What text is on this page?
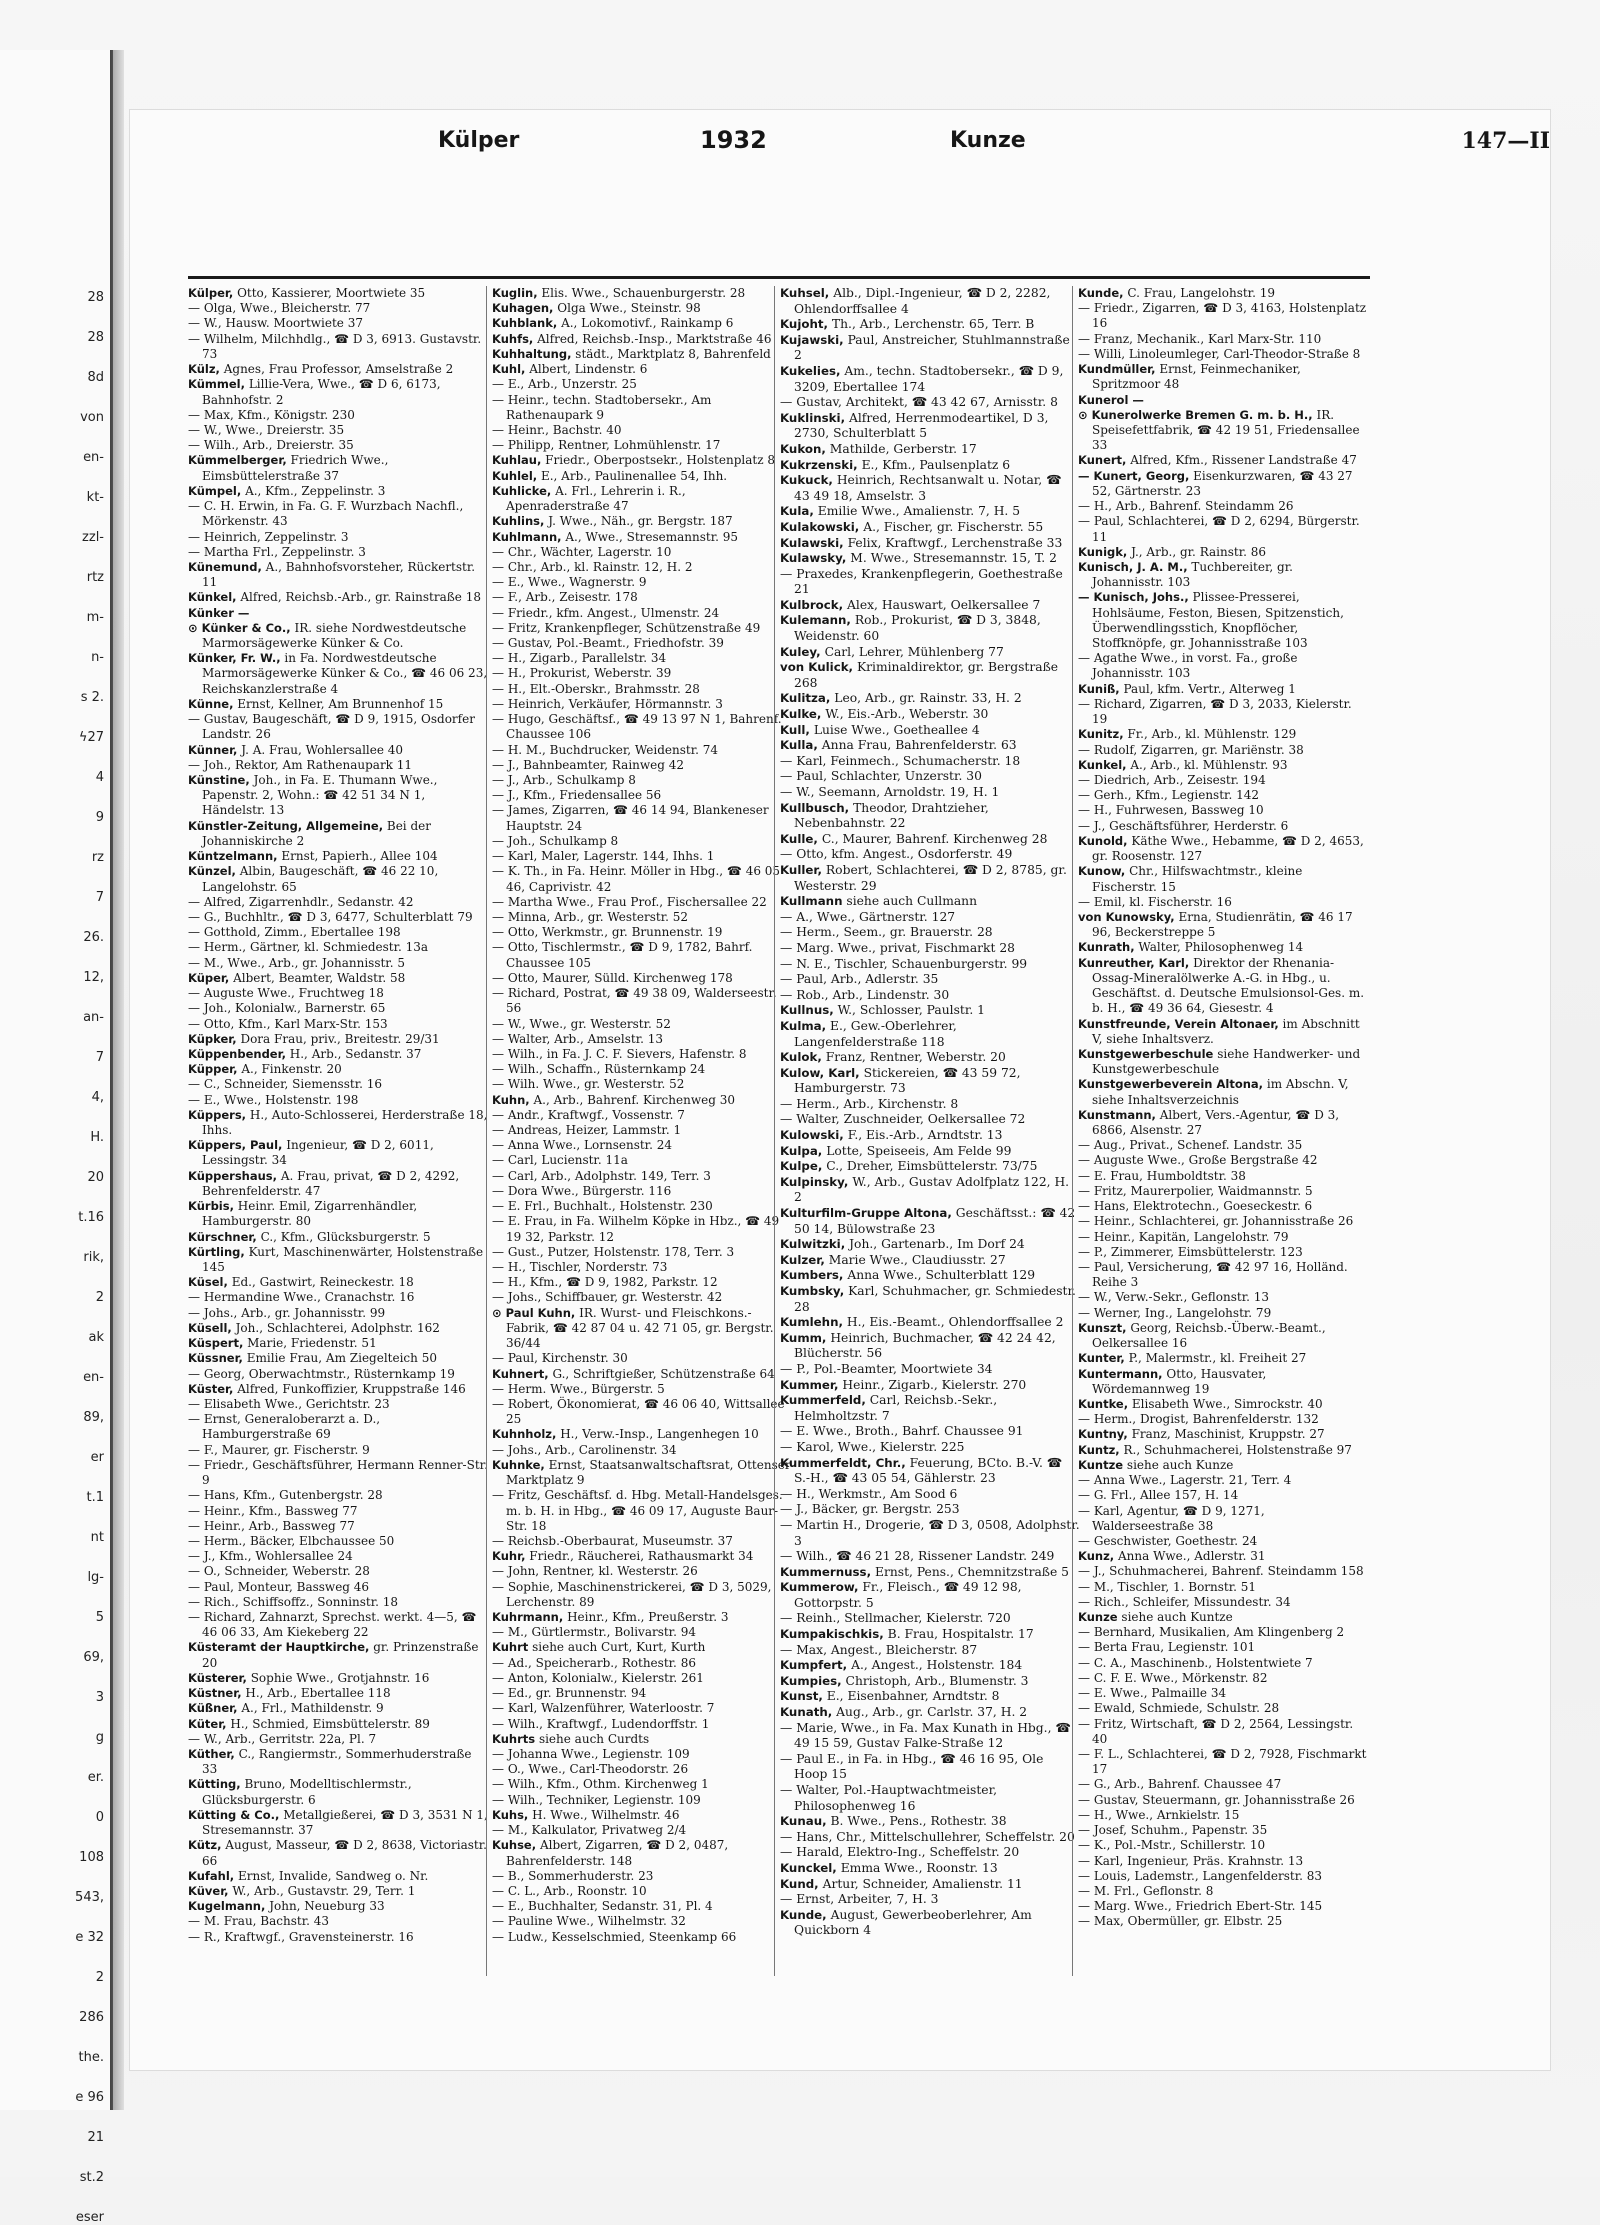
28
28
8d
von
en-
kt-
zzl-
rtz
m-
n-
s 2.
ϟ27
4
9
rz
7
26.
12,
an-
7
4,
H.
20
t.16
rik,
2
ak
en-
89,
er
t.1
nt
lg-
5
69,
3
g
er.
0
108
543,
e 32
2
286
the.
e 96
21
st.2
eser
Külper	1932	Kunze	147—II

Külper, Otto, Kassierer, Moortwiete 35

— Olga, Wwe., Bleicherstr. 77

— W., Hausw. Moortwiete 37

— Wilhelm, Milchhdlg., ☎ D 3, 6913. Gustavstr. 73

Külz, Agnes, Frau Professor, Amselstraße 2

Kümmel, Lillie-Vera, Wwe., ☎ D 6, 6173, Bahnhofstr. 2

— Max, Kfm., Königstr. 230

— W., Wwe., Dreierstr. 35

— Wilh., Arb., Dreierstr. 35

Kümmelberger, Friedrich Wwe., Eimsbüttelerstraße 37

Kümpel, A., Kfm., Zeppelinstr. 3

— C. H. Erwin, in Fa. G. F. Wurzbach Nachfl., Mörkenstr. 43

— Heinrich, Zeppelinstr. 3

— Martha Frl., Zeppelinstr. 3

Künemund, A., Bahnhofsvorsteher, Rückertstr. 11

Künkel, Alfred, Reichsb.-Arb., gr. Rainstraße 18

Künker —

⊙ Künker & Co., IR. siehe Nordwestdeutsche Marmorsägewerke Künker & Co.

Künker, Fr. W., in Fa. Nordwestdeutsche Marmorsägewerke Künker & Co., ☎ 46 06 23, Reichskanzlerstraße 4

Künne, Ernst, Kellner, Am Brunnenhof 15

— Gustav, Baugeschäft, ☎ D 9, 1915, Osdorfer Landstr. 26

Künner, J. A. Frau, Wohlersallee 40

— Joh., Rektor, Am Rathenaupark 11

Künstine, Joh., in Fa. E. Thumann Wwe., Papenstr. 2, Wohn.: ☎ 42 51 34 N 1, Händelstr. 13

Künstler-Zeitung, Allgemeine, Bei der Johanniskirche 2

Küntzelmann, Ernst, Papierh., Allee 104

Künzel, Albin, Baugeschäft, ☎ 46 22 10, Langelohstr. 65

— Alfred, Zigarrenhdlr., Sedanstr. 42

— G., Buchhltr., ☎ D 3, 6477, Schulterblatt 79

— Gotthold, Zimm., Ebertallee 198

— Herm., Gärtner, kl. Schmiedestr. 13a

— M., Wwe., Arb., gr. Johannisstr. 5

Küper, Albert, Beamter, Waldstr. 58

— Auguste Wwe., Fruchtweg 18

— Joh., Kolonialw., Barnerstr. 65

— Otto, Kfm., Karl Marx-Str. 153

Küpker, Dora Frau, priv., Breitestr. 29/31

Küppenbender, H., Arb., Sedanstr. 37

Küpper, A., Finkenstr. 20

— C., Schneider, Siemensstr. 16

— E., Wwe., Holstenstr. 198

Küppers, H., Auto-Schlosserei, Herderstraße 18, Ihhs.

Küppers, Paul, Ingenieur, ☎ D 2, 6011, Lessingstr. 34

Küppershaus, A. Frau, privat, ☎ D 2, 4292, Behrenfelderstr. 47

Kürbis, Heinr. Emil, Zigarrenhändler, Hamburgerstr. 80

Kürschner, C., Kfm., Glücksburgerstr. 5

Kürtling, Kurt, Maschinenwärter, Holstenstraße 145

Küsel, Ed., Gastwirt, Reineckestr. 18

— Hermandine Wwe., Cranachstr. 16

— Johs., Arb., gr. Johannisstr. 99

Küsell, Joh., Schlachterei, Adolphstr. 162

Küspert, Marie, Friedenstr. 51

Küssner, Emilie Frau, Am Ziegelteich 50

— Georg, Oberwachtmstr., Rüsternkamp 19

Küster, Alfred, Funkoffizier, Kruppstraße 146

— Elisabeth Wwe., Gerichtstr. 23

— Ernst, Generaloberarzt a. D., Hamburgerstraße 69

— F., Maurer, gr. Fischerstr. 9

— Friedr., Geschäftsführer, Hermann Renner-Str. 9

— Hans, Kfm., Gutenbergstr. 28

— Heinr., Kfm., Bassweg 77

— Heinr., Arb., Bassweg 77

— Herm., Bäcker, Elbchaussee 50

— J., Kfm., Wohlersallee 24

— O., Schneider, Weberstr. 28

— Paul, Monteur, Bassweg 46

— Rich., Schiffsoffz., Sonninstr. 18

— Richard, Zahnarzt, Sprechst. werkt. 4—5, ☎ 46 06 33, Am Kiekeberg 22

Küsteramt der Hauptkirche, gr. Prinzenstraße 20

Küsterer, Sophie Wwe., Grotjahnstr. 16

Küstner, H., Arb., Ebertallee 118

Küßner, A., Frl., Mathildenstr. 9

Küter, H., Schmied, Eimsbüttelerstr. 89

— W., Arb., Gerritstr. 22a, Pl. 7

Küther, C., Rangiermstr., Sommerhuderstraße 33

Kütting, Bruno, Modelltischlermstr., Glücksburgerstr. 6

Kütting & Co., Metallgießerei, ☎ D 3, 3531 N 1, Stresemannstr. 37

Kütz, August, Masseur, ☎ D 2, 8638, Victoriastr. 66

Kufahl, Ernst, Invalide, Sandweg o. Nr.

Küver, W., Arb., Gustavstr. 29, Terr. 1

Kugelmann, John, Neueburg 33

— M. Frau, Bachstr. 43

— R., Kraftwgf., Gravensteinerstr. 16

Kuglin, Elis. Wwe., Schauenburgerstr. 28

Kuhagen, Olga Wwe., Steinstr. 98

Kuhblank, A., Lokomotivf., Rainkamp 6

Kuhfs, Alfred, Reichsb.-Insp., Marktstraße 46

Kuhhaltung, städt., Marktplatz 8, Bahrenfeld

Kuhl, Albert, Lindenstr. 6

— E., Arb., Unzerstr. 25

— Heinr., techn. Stadtobersekr., Am Rathenaupark 9

— Heinr., Bachstr. 40

— Philipp, Rentner, Lohmühlenstr. 17

Kuhlau, Friedr., Oberpostsekr., Holstenplatz 8

Kuhlel, E., Arb., Paulinenallee 54, Ihh.

Kuhlicke, A. Frl., Lehrerin i. R., Apenraderstraße 47

Kuhlins, J. Wwe., Näh., gr. Bergstr. 187

Kuhlmann, A., Wwe., Stresemannstr. 95

— Chr., Wächter, Lagerstr. 10

— Chr., Arb., kl. Rainstr. 12, H. 2

— E., Wwe., Wagnerstr. 9

— F., Arb., Zeisestr. 178

— Friedr., kfm. Angest., Ulmenstr. 24

— Fritz, Krankenpfleger, Schützenstraße 49

— Gustav, Pol.-Beamt., Friedhofstr. 39

— H., Zigarb., Parallelstr. 34

— H., Prokurist, Weberstr. 39

— H., Elt.-Oberskr., Brahmsstr. 28

— Heinrich, Verkäufer, Hörmannstr. 3

— Hugo, Geschäftsf., ☎ 49 13 97 N 1, Bahrenf. Chaussee 106

— H. M., Buchdrucker, Weidenstr. 74

— J., Bahnbeamter, Rainweg 42

— J., Arb., Schulkamp 8

— J., Kfm., Friedensallee 56

— James, Zigarren, ☎ 46 14 94, Blankeneser Hauptstr. 24

— Joh., Schulkamp 8

— Karl, Maler, Lagerstr. 144, Ihhs. 1

— K. Th., in Fa. Heinr. Möller in Hbg., ☎ 46 05 46, Caprivistr. 42

— Martha Wwe., Frau Prof., Fischersallee 22

— Minna, Arb., gr. Westerstr. 52

— Otto, Werkmstr., gr. Brunnenstr. 19

— Otto, Tischlermstr., ☎ D 9, 1782, Bahrf. Chaussee 105

— Otto, Maurer, Sülld. Kirchenweg 178

— Richard, Postrat, ☎ 49 38 09, Walderseestr. 56

— W., Wwe., gr. Westerstr. 52

— Walter, Arb., Amselstr. 13

— Wilh., in Fa. J. C. F. Sievers, Hafenstr. 8

— Wilh., Schaffn., Rüsternkamp 24

— Wilh. Wwe., gr. Westerstr. 52

Kuhn, A., Arb., Bahrenf. Kirchenweg 30

— Andr., Kraftwgf., Vossenstr. 7

— Andreas, Heizer, Lammstr. 1

— Anna Wwe., Lornsenstr. 24

— Carl, Lucienstr. 11a

— Carl, Arb., Adolphstr. 149, Terr. 3

— Dora Wwe., Bürgerstr. 116

— E. Frl., Buchhalt., Holstenstr. 230

— E. Frau, in Fa. Wilhelm Köpke in Hbz., ☎ 49 19 32, Parkstr. 12

— Gust., Putzer, Holstenstr. 178, Terr. 3

— H., Tischler, Norderstr. 73

— H., Kfm., ☎ D 9, 1982, Parkstr. 12

— Johs., Schiffbauer, gr. Westerstr. 42

⊙ Paul Kuhn, IR. Wurst- und Fleischkons.-Fabrik, ☎ 42 87 04 u. 42 71 05, gr. Bergstr. 36/44

— Paul, Kirchenstr. 30

Kuhnert, G., Schriftgießer, Schützenstraße 64

— Herm. Wwe., Bürgerstr. 5

— Robert, Ökonomierat, ☎ 46 06 40, Wittsallee 25

Kuhnholz, H., Verw.-Insp., Langenhegen 10

— Johs., Arb., Carolinenstr. 34

Kuhnke, Ernst, Staatsanwaltschaftsrat, Ottenser Marktplatz 9

— Fritz, Geschäftsf. d. Hbg. Metall-Handelsges. m. b. H. in Hbg., ☎ 46 09 17, Auguste Baur-Str. 18

— Reichsb.-Oberbaurat, Museumstr. 37

Kuhr, Friedr., Räucherei, Rathausmarkt 34

— John, Rentner, kl. Westerstr. 26

— Sophie, Maschinenstrickerei, ☎ D 3, 5029, Lerchenstr. 89

Kuhrmann, Heinr., Kfm., Preußerstr. 3

— M., Gürtlermstr., Bolivarstr. 94

Kuhrt siehe auch Curt, Kurt, Kurth

— Ad., Speicherarb., Rothestr. 86

— Anton, Kolonialw., Kielerstr. 261

— Ed., gr. Brunnenstr. 94

— Karl, Walzenführer, Waterloostr. 7

— Wilh., Kraftwgf., Ludendorffstr. 1

Kuhrts siehe auch Curdts

— Johanna Wwe., Legienstr. 109

— O., Wwe., Carl-Theodorstr. 26

— Wilh., Kfm., Othm. Kirchenweg 1

— Wilh., Techniker, Legienstr. 109

Kuhs, H. Wwe., Wilhelmstr. 46

— M., Kalkulator, Privatweg 2/4

Kuhse, Albert, Zigarren, ☎ D 2, 0487, Bahrenfelderstr. 148

— B., Sommerhuderstr. 23

— C. L., Arb., Roonstr. 10

— E., Buchhalter, Sedanstr. 31, Pl. 4

— Pauline Wwe., Wilhelmstr. 32

— Ludw., Kesselschmied, Steenkamp 66

Kuhsel, Alb., Dipl.-Ingenieur, ☎ D 2, 2282, Ohlendorffsallee 4

Kujoht, Th., Arb., Lerchenstr. 65, Terr. B

Kujawski, Paul, Anstreicher, Stuhlmannstraße 2

Kukelies, Am., techn. Stadtobersekr., ☎ D 9, 3209, Ebertallee 174

— Gustav, Architekt, ☎ 43 42 67, Arnisstr. 8

Kuklinski, Alfred, Herrenmodeartikel, D 3, 2730, Schulterblatt 5

Kukon, Mathilde, Gerberstr. 17

Kukrzenski, E., Kfm., Paulsenplatz 6

Kukuck, Heinrich, Rechtsanwalt u. Notar, ☎ 43 49 18, Amselstr. 3

Kula, Emilie Wwe., Amalienstr. 7, H. 5

Kulakowski, A., Fischer, gr. Fischerstr. 55

Kulawski, Felix, Kraftwgf., Lerchenstraße 33

Kulawsky, M. Wwe., Stresemannstr. 15, T. 2

— Praxedes, Krankenpflegerin, Goethestraße 21

Kulbrock, Alex, Hauswart, Oelkersallee 7

Kulemann, Rob., Prokurist, ☎ D 3, 3848, Weidenstr. 60

Kuley, Carl, Lehrer, Mühlenberg 77

von Kulick, Kriminaldirektor, gr. Bergstraße 268

Kulitza, Leo, Arb., gr. Rainstr. 33, H. 2

Kulke, W., Eis.-Arb., Weberstr. 30

Kull, Luise Wwe., Goetheallee 4

Kulla, Anna Frau, Bahrenfelderstr. 63

— Karl, Feinmech., Schumacherstr. 18

— Paul, Schlachter, Unzerstr. 30

— W., Seemann, Arnoldstr. 19, H. 1

Kullbusch, Theodor, Drahtzieher, Nebenbahnstr. 22

Kulle, C., Maurer, Bahrenf. Kirchenweg 28

— Otto, kfm. Angest., Osdorferstr. 49

Kuller, Robert, Schlachterei, ☎ D 2, 8785, gr. Westerstr. 29

Kullmann siehe auch Cullmann

— A., Wwe., Gärtnerstr. 127

— Herm., Seem., gr. Brauerstr. 28

— Marg. Wwe., privat, Fischmarkt 28

— N. E., Tischler, Schauenburgerstr. 99

— Paul, Arb., Adlerstr. 35

— Rob., Arb., Lindenstr. 30

Kullnus, W., Schlosser, Paulstr. 1

Kulma, E., Gew.-Oberlehrer, Langenfelderstraße 118

Kulok, Franz, Rentner, Weberstr. 20

Kulow, Karl, Stickereien, ☎ 43 59 72, Hamburgerstr. 73

— Herm., Arb., Kirchenstr. 8

— Walter, Zuschneider, Oelkersallee 72

Kulowski, F., Eis.-Arb., Arndtstr. 13

Kulpa, Lotte, Speiseeis, Am Felde 99

Kulpe, C., Dreher, Eimsbüttelerstr. 73/75

Kulpinsky, W., Arb., Gustav Adolfplatz 122, H. 2

Kulturfilm-Gruppe Altona, Geschäftsst.: ☎ 42 50 14, Bülowstraße 23

Kulwitzki, Joh., Gartenarb., Im Dorf 24

Kulzer, Marie Wwe., Claudiusstr. 27

Kumbers, Anna Wwe., Schulterblatt 129

Kumbsky, Karl, Schuhmacher, gr. Schmiedestr. 28

Kumlehn, H., Eis.-Beamt., Ohlendorffsallee 2

Kumm, Heinrich, Buchmacher, ☎ 42 24 42, Blücherstr. 56

— P., Pol.-Beamter, Moortwiete 34

Kummer, Heinr., Zigarb., Kielerstr. 270

Kummerfeld, Carl, Reichsb.-Sekr., Helmholtzstr. 7

— E. Wwe., Broth., Bahrf. Chaussee 91

— Karol, Wwe., Kielerstr. 225

Kummerfeldt, Chr., Feuerung, BCto. B.-V. ☎ S.-H., ☎ 43 05 54, Gählerstr. 23

— H., Werkmstr., Am Sood 6

— J., Bäcker, gr. Bergstr. 253

— Martin H., Drogerie, ☎ D 3, 0508, Adolphstr. 3

— Wilh., ☎ 46 21 28, Rissener Landstr. 249

Kummernuss, Ernst, Pens., Chemnitzstraße 5

Kummerow, Fr., Fleisch., ☎ 49 12 98, Gottorpstr. 5

— Reinh., Stellmacher, Kielerstr. 720

Kumpakischkis, B. Frau, Hospitalstr. 17

— Max, Angest., Bleicherstr. 87

Kumpfert, A., Angest., Holstenstr. 184

Kumpies, Christoph, Arb., Blumenstr. 3

Kunst, E., Eisenbahner, Arndtstr. 8

Kunath, Aug., Arb., gr. Carlstr. 37, H. 2

— Marie, Wwe., in Fa. Max Kunath in Hbg., ☎ 49 15 59, Gustav Falke-Straße 12

— Paul E., in Fa. in Hbg., ☎ 46 16 95, Ole Hoop 15

— Walter, Pol.-Hauptwachtmeister, Philosophenweg 16

Kunau, B. Wwe., Pens., Rothestr. 38

— Hans, Chr., Mittelschullehrer, Scheffelstr. 20

— Harald, Elektro-Ing., Scheffelstr. 20

Kunckel, Emma Wwe., Roonstr. 13

Kund, Artur, Schneider, Amalienstr. 11

— Ernst, Arbeiter, 7, H. 3

Kunde, August, Gewerbeoberlehrer, Am Quickborn 4

Kunde, C. Frau, Langelohstr. 19

— Friedr., Zigarren, ☎ D 3, 4163, Holstenplatz 16

— Franz, Mechanik., Karl Marx-Str. 110

— Willi, Linoleumleger, Carl-Theodor-Straße 8

Kundmüller, Ernst, Feinmechaniker, Spritzmoor 48

Kunerol —

⊙ Kunerolwerke Bremen G. m. b. H., IR. Speisefettfabrik, ☎ 42 19 51, Friedensallee 33

Kunert, Alfred, Kfm., Rissener Landstraße 47

— Kunert, Georg, Eisenkurzwaren, ☎ 43 27 52, Gärtnerstr. 23

— H., Arb., Bahrenf. Steindamm 26

— Paul, Schlachterei, ☎ D 2, 6294, Bürgerstr. 11

Kunigk, J., Arb., gr. Rainstr. 86

Kunisch, J. A. M., Tuchbereiter, gr. Johannisstr. 103

— Kunisch, Johs., Plissee-Presserei, Hohlsäume, Feston, Biesen, Spitzenstich, Überwendlingsstich, Knopflöcher, Stoffknöpfe, gr. Johannisstraße 103

— Agathe Wwe., in vorst. Fa., große Johannisstr. 103

Kuniß, Paul, kfm. Vertr., Alterweg 1

— Richard, Zigarren, ☎ D 3, 2033, Kielerstr. 19

Kunitz, Fr., Arb., kl. Mühlenstr. 129

— Rudolf, Zigarren, gr. Mariënstr. 38

Kunkel, A., Arb., kl. Mühlenstr. 93

— Diedrich, Arb., Zeisestr. 194

— Gerh., Kfm., Legienstr. 142

— H., Fuhrwesen, Bassweg 10

— J., Geschäftsführer, Herderstr. 6

Kunold, Käthe Wwe., Hebamme, ☎ D 2, 4653, gr. Roosenstr. 127

Kunow, Chr., Hilfswachtmstr., kleine Fischerstr. 15

— Emil, kl. Fischerstr. 16

von Kunowsky, Erna, Studienrätin, ☎ 46 17 96, Beckerstreppe 5

Kunrath, Walter, Philosophenweg 14

Kunreuther, Karl, Direktor der Rhenania-Ossag-Mineralölwerke A.-G. in Hbg., u. Geschäftst. d. Deutsche Emulsionsol-Ges. m. b. H., ☎ 49 36 64, Giesestr. 4

Kunstfreunde, Verein Altonaer, im Abschnitt V, siehe Inhaltsverz.

Kunstgewerbeschule siehe Handwerker- und Kunstgewerbeschule

Kunstgewerbeverein Altona, im Abschn. V, siehe Inhaltsverzeichnis

Kunstmann, Albert, Vers.-Agentur, ☎ D 3, 6866, Alsenstr. 27

— Aug., Privat., Schenef. Landstr. 35

— Auguste Wwe., Große Bergstraße 42

— E. Frau, Humboldtstr. 38

— Fritz, Maurerpolier, Waidmannstr. 5

— Hans, Elektrotechn., Goeseckestr. 6

— Heinr., Schlachterei, gr. Johannisstraße 26

— Heinr., Kapitän, Langelohstr. 79

— P., Zimmerer, Eimsbüttelerstr. 123

— Paul, Versicherung, ☎ 42 97 16, Holländ. Reihe 3

— W., Verw.-Sekr., Geflonstr. 13

— Werner, Ing., Langelohstr. 79

Kunszt, Georg, Reichsb.-Überw.-Beamt., Oelkersallee 16

Kunter, P., Malermstr., kl. Freiheit 27

Kuntermann, Otto, Hausvater, Wördemannweg 19

Kuntke, Elisabeth Wwe., Simrockstr. 40

— Herm., Drogist, Bahrenfelderstr. 132

Kuntny, Franz, Maschinist, Kruppstr. 27

Kuntz, R., Schuhmacherei, Holstenstraße 97

Kuntze siehe auch Kunze

— Anna Wwe., Lagerstr. 21, Terr. 4

— G. Frl., Allee 157, H. 14

— Karl, Agentur, ☎ D 9, 1271, Walderseestraße 38

— Geschwister, Goethestr. 24

Kunz, Anna Wwe., Adlerstr. 31

— J., Schuhmacherei, Bahrenf. Steindamm 158

— M., Tischler, 1. Bornstr. 51

— Rich., Schleifer, Missundestr. 34

Kunze siehe auch Kuntze

— Bernhard, Musikalien, Am Klingenberg 2

— Berta Frau, Legienstr. 101

— C. A., Maschinenb., Holstentwiete 7

— C. F. E. Wwe., Mörkenstr. 82

— E. Wwe., Palmaille 34

— Ewald, Schmiede, Schulstr. 28

— Fritz, Wirtschaft, ☎ D 2, 2564, Lessingstr. 40

— F. L., Schlachterei, ☎ D 2, 7928, Fischmarkt 17

— G., Arb., Bahrenf. Chaussee 47

— Gustav, Steuermann, gr. Johannisstraße 26

— H., Wwe., Arnkielstr. 15

— Josef, Schuhm., Papenstr. 35

— K., Pol.-Mstr., Schillerstr. 10

— Karl, Ingenieur, Präs. Krahnstr. 13

— Louis, Lademstr., Langenfelderstr. 83

— M. Frl., Geflonstr. 8

— Marg. Wwe., Friedrich Ebert-Str. 145

— Max, Obermüller, gr. Elbstr. 25
